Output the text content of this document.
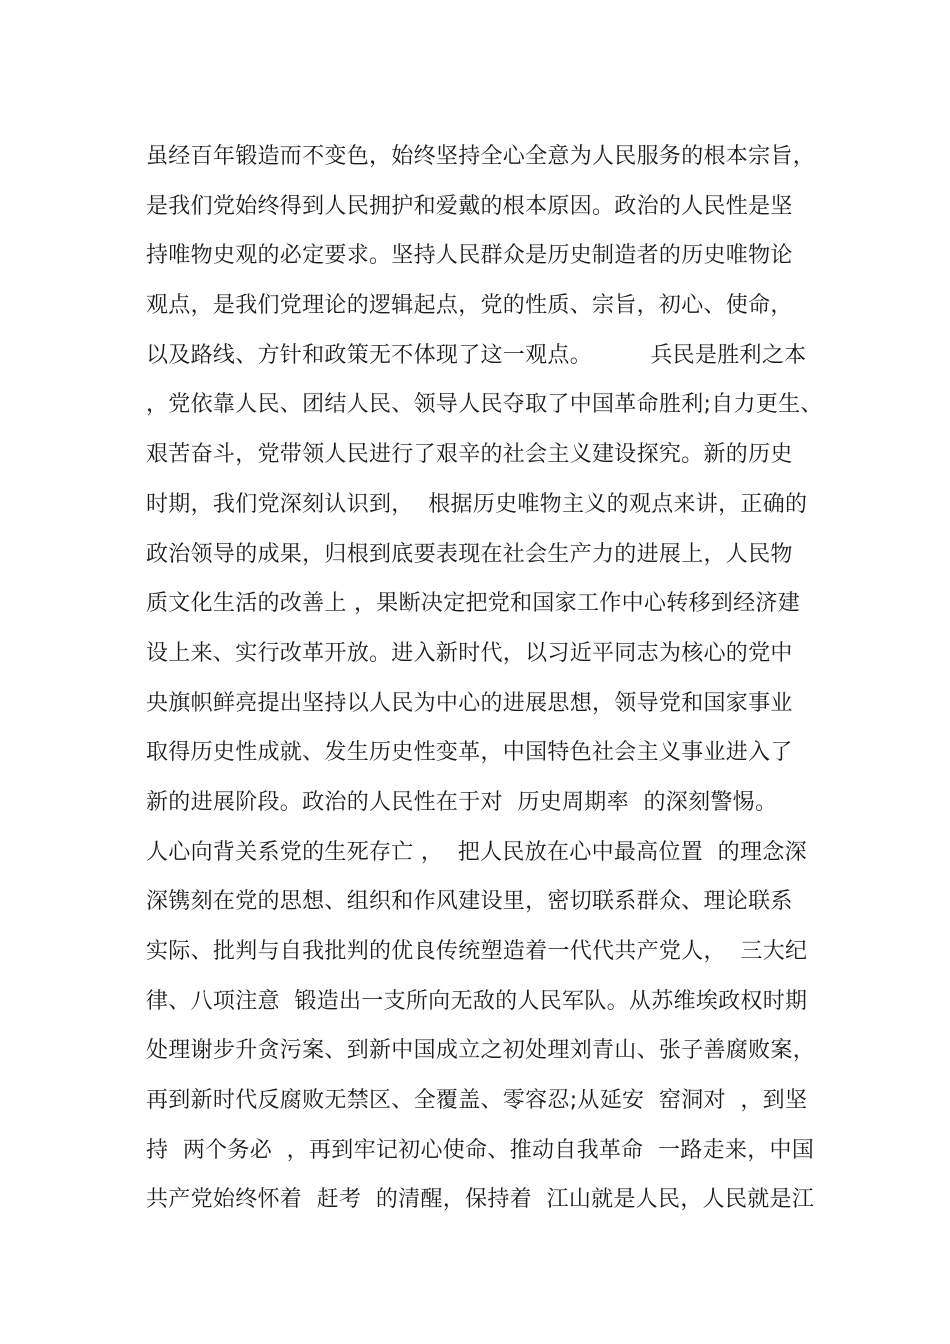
虽经百年锻造而不变色，始终坚持全心全意为人民服务的根本宗旨，
是我们党始终得到人民拥护和爱戴的根本原因。政治的人民性是坚
持唯物史观的必定要求。坚持人民群众是历史制造者的历史唯物论
观点，是我们党理论的逻辑起点，党的性质、宗旨，初心、使命，
以及路线、方针和政策无不体现了这一观点。        兵民是胜利之本
，党依靠人民、团结人民、领导人民夺取了中国革命胜利;自力更生、
艰苦奋斗，党带领人民进行了艰辛的社会主义建设探究。新的历史
时期，我们党深刻认识到，  根据历史唯物主义的观点来讲，正确的
政治领导的成果，归根到底要表现在社会生产力的进展上，人民物
质文化生活的改善上 ，果断决定把党和国家工作中心转移到经济建
设上来、实行改革开放。进入新时代，以习近平同志为核心的党中
央旗帜鲜亮提出坚持以人民为中心的进展思想，领导党和国家事业
取得历史性成就、发生历史性变革，中国特色社会主义事业进入了
新的进展阶段。政治的人民性在于对  历史周期率  的深刻警惕。
人心向背关系党的生死存亡 ，  把人民放在心中最高位置  的理念深
深镌刻在党的思想、组织和作风建设里，密切联系群众、理论联系
实际、批判与自我批判的优良传统塑造着一代代共产党人，  三大纪
律、八项注意  锻造出一支所向无敌的人民军队。从苏维埃政权时期
处理谢步升贪污案、到新中国成立之初处理刘青山、张子善腐败案，
再到新时代反腐败无禁区、全覆盖、零容忍;从延安  窑洞对  ，到坚
持  两个务必  ，再到牢记初心使命、推动自我革命  一路走来，中国
共产党始终怀着  赶考  的清醒，保持着  江山就是人民，人民就是江
